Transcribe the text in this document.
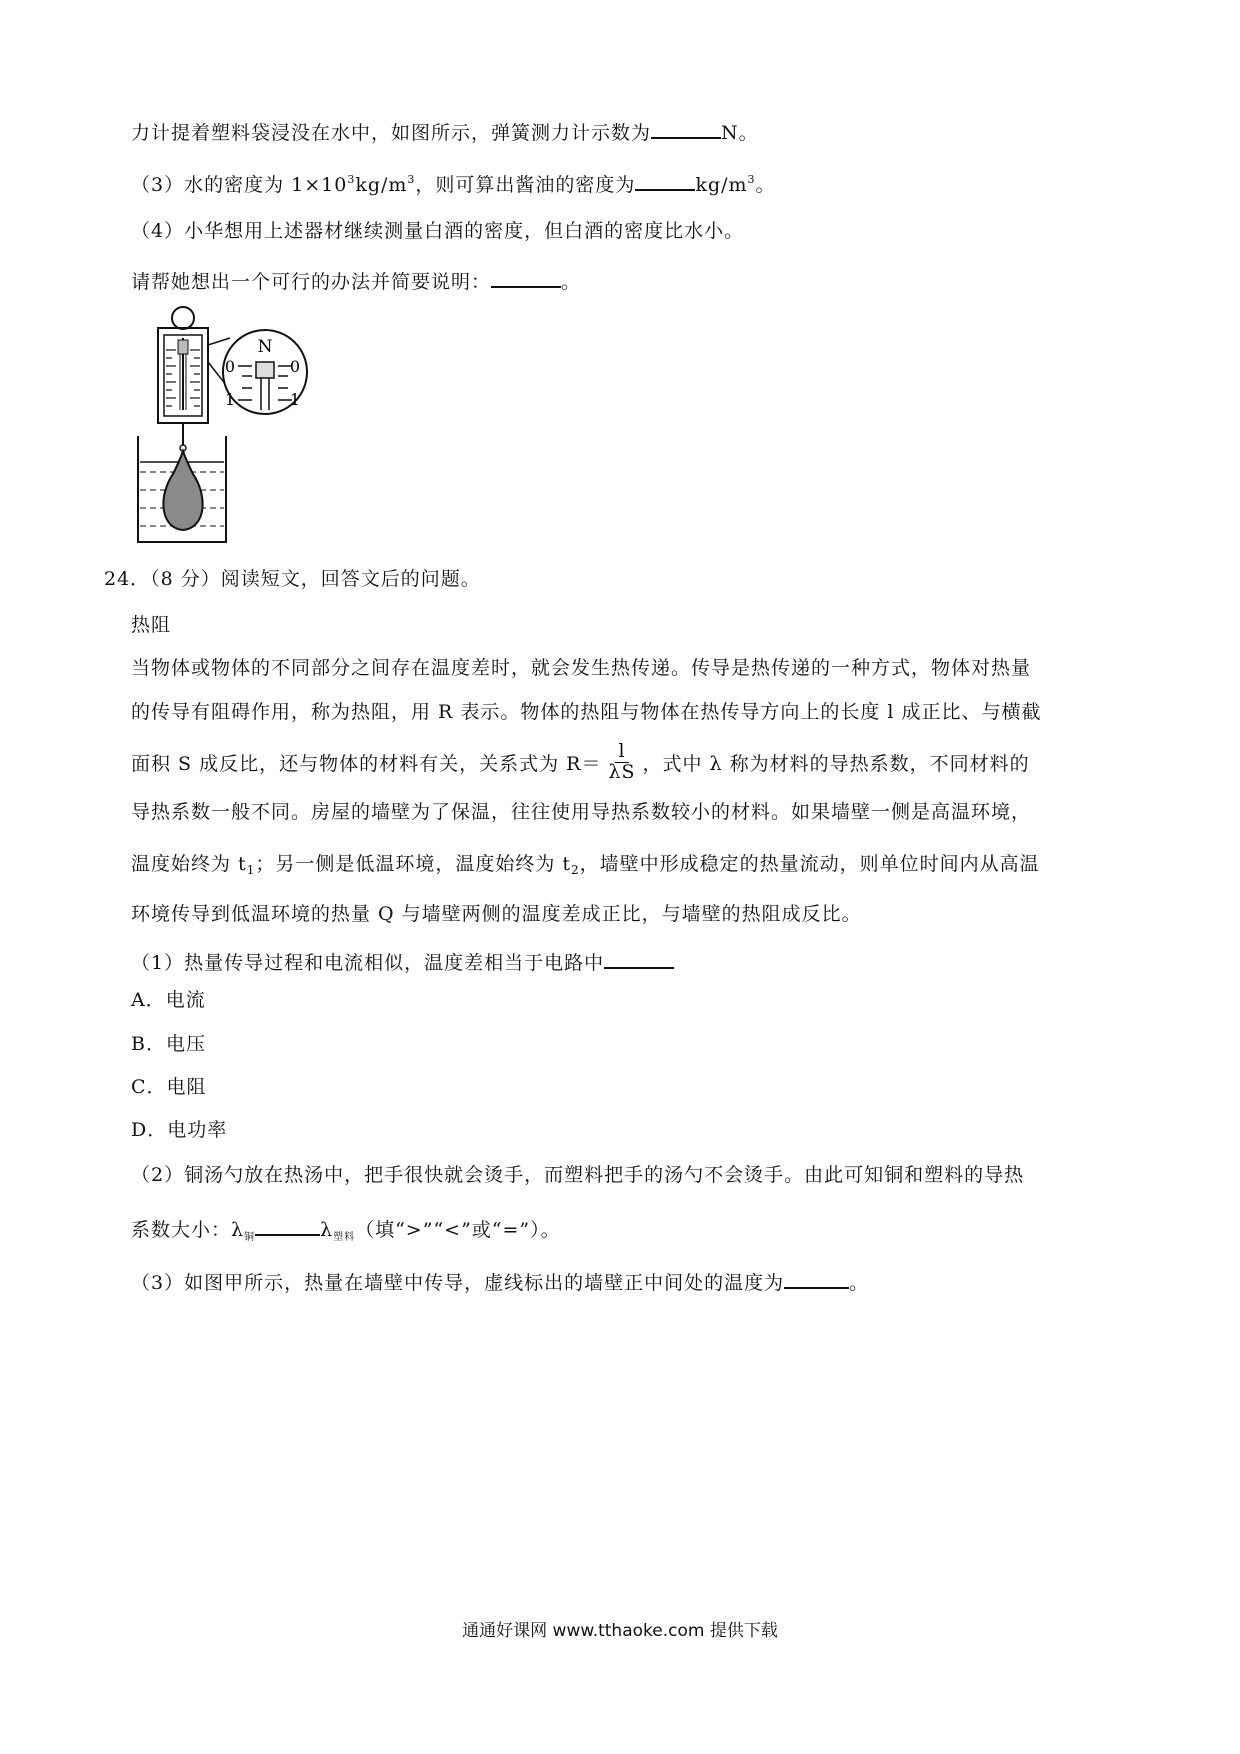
力计提着塑料袋浸没在水中，如图所示，弹簧测力计示数为	N。
（3）水的密度为 $1\times 10^3kg/m^3$，则可算出酱油的密度为	$kg/m^3$。
（4）小华想用上述器材继续测量白酒的密度，但白酒的密度比水小。
请帮她想出一个可行的办法并简要说明：	。
N
0	0
1	1
24．（8 分）阅读短文，回答文后的问题。
热阻
当物体或物体的不同部分之间存在温度差时，就会发生热传递。传导是热传递的一种方式，物体对热量
的传导有阻碍作用，称为热阻，用 R 表示。物体的热阻与物体在热传导方向上的长度 l 成正比、与横截
面积 S 成反比，还与物体的材料有关，关系式为 $R= \frac{l}{\lambda S}$ ，式中 λ 称为材料的导热系数，不同材料的
导热系数一般不同。房屋的墙壁为了保温，往往使用导热系数较小的材料。如果墙壁一侧是高温环境，
温度始终为 $t_1$；另一侧是低温环境，温度始终为 $t_2$，墙壁中形成稳定的热量流动，则单位时间内从高温
环境传导到低温环境的热量 Q 与墙壁两侧的温度差成正比，与墙壁的热阻成反比。
（1）热量传导过程和电流相似，温度差相当于电路中
A．电流
B．电压
C．电阻
D．电功率
（2）铜汤勺放在热汤中，把手很快就会烫手，而塑料把手的汤勺不会烫手。由此可知铜和塑料的导热
系数大小：$\lambda_铜$	$\lambda_{塑料}$（填“>”“<”或“=”）。
（3）如图甲所示，热量在墙壁中传导，虚线标出的墙壁正中间处的温度为	。
通通好课网 www.tthaoke.com 提供下载
